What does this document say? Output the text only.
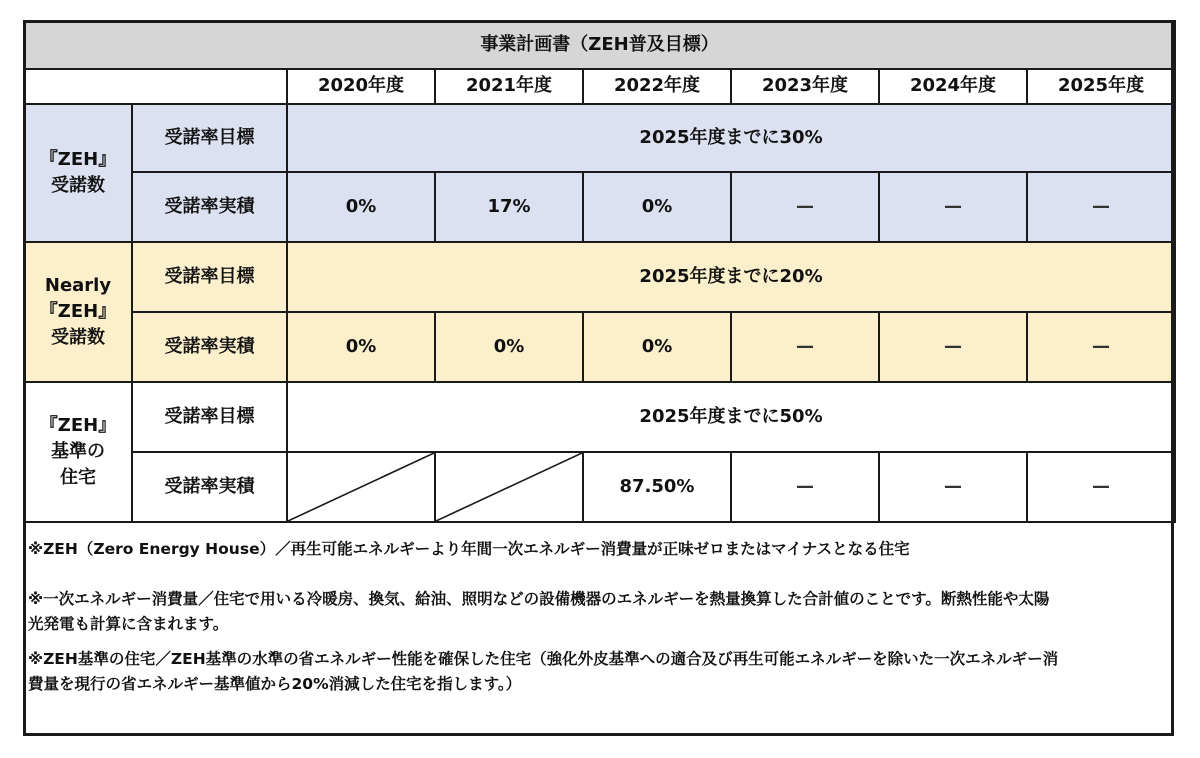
事業計画書（ZEH普及目標）							
		2020年度	2021年度	2022年度	2023年度	2024年度	2025年度

『ZEH』
受諾数	受諾率目標	2025年度までに30%					
	受諾率実積	0%	17%	0%	—	—	—

Nearly
『ZEH』
受諾数	受諾率目標	2025年度までに20%					
	受諾率実積	0%	0%	0%	—	—	—

『ZEH』
基準の
住宅	受諾率目標	2025年度までに50%					
	受諾率実積			87.50%	—	—	—

※ZEH（Zero Energy House）／再生可能エネルギーより年間一次エネルギー消費量が正味ゼロまたはマイナスとなる住宅

※一次エネルギー消費量／住宅で用いる冷暖房、換気、給油、照明などの設備機器のエネルギーを熱量換算した合計値のことです。断熱性能や太陽

光発電も計算に含まれます。

※ZEH基準の住宅／ZEH基準の水準の省エネルギー性能を確保した住宅（強化外皮基準への適合及び再生可能エネルギーを除いた一次エネルギー消

費量を現行の省エネルギー基準値から20%消減した住宅を指します。）
